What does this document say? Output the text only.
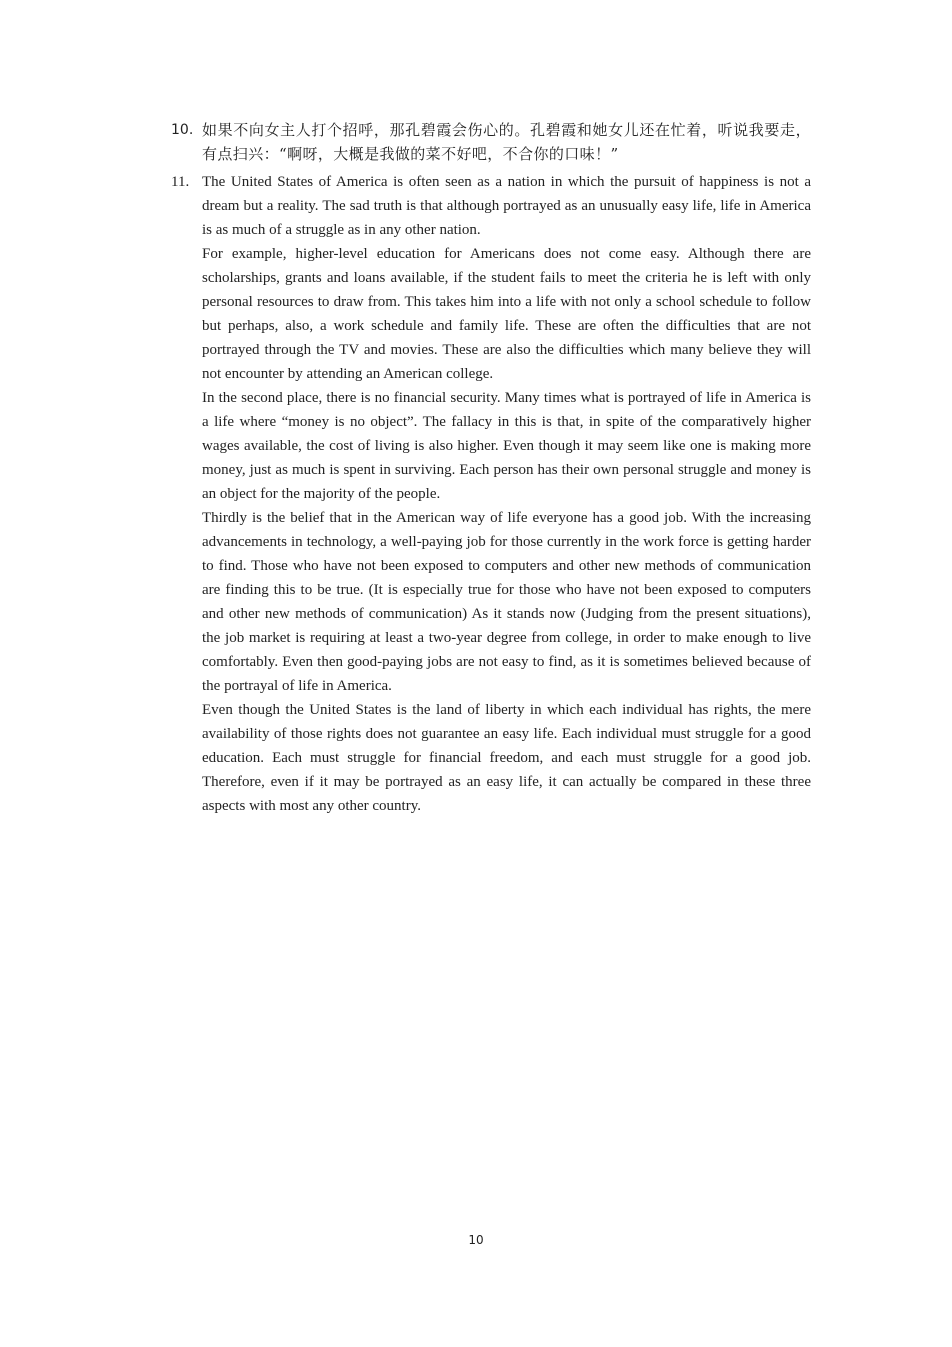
10. 如果不向女主人打个招呼，那孔碧霞会伤心的。孔碧霞和她女儿还在忙着，听说我要走，有点扫兴：“啊呀，大概是我做的菜不好吧，不合你的口味！”
11. The United States of America is often seen as a nation in which the pursuit of happiness is not a dream but a reality. The sad truth is that although portrayed as an unusually easy life, life in America is as much of a struggle as in any other nation.

For example, higher-level education for Americans does not come easy. Although there are scholarships, grants and loans available, if the student fails to meet the criteria he is left with only personal resources to draw from. This takes him into a life with not only a school schedule to follow but perhaps, also, a work schedule and family life. These are often the difficulties that are not portrayed through the TV and movies. These are also the difficulties which many believe they will not encounter by attending an American college.

In the second place, there is no financial security. Many times what is portrayed of life in America is a life where “money is no object”. The fallacy in this is that, in spite of the comparatively higher wages available, the cost of living is also higher. Even though it may seem like one is making more money, just as much is spent in surviving. Each person has their own personal struggle and money is an object for the majority of the people.

Thirdly is the belief that in the American way of life everyone has a good job. With the increasing advancements in technology, a well-paying job for those currently in the work force is getting harder to find. Those who have not been exposed to computers and other new methods of communication are finding this to be true. (It is especially true for those who have not been exposed to computers and other new methods of communication) As it stands now (Judging from the present situations), the job market is requiring at least a two-year degree from college, in order to make enough to live comfortably. Even then good-paying jobs are not easy to find, as it is sometimes believed because of the portrayal of life in America.

Even though the United States is the land of liberty in which each individual has rights, the mere availability of those rights does not guarantee an easy life. Each individual must struggle for a good education. Each must struggle for financial freedom, and each must struggle for a good job. Therefore, even if it may be portrayed as an easy life, it can actually be compared in these three aspects with most any other country.

10
